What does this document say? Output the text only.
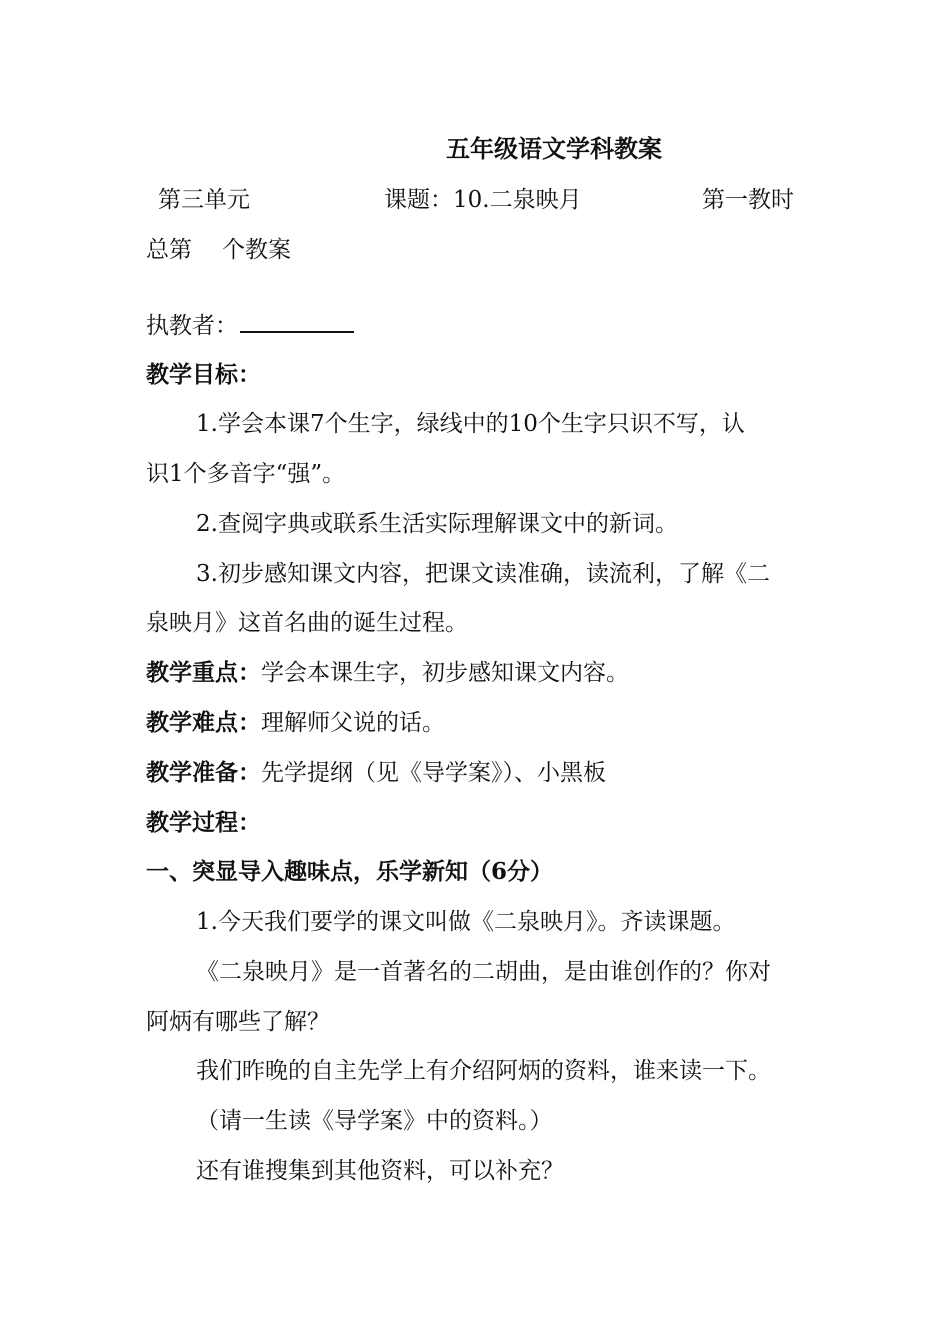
五年级语文学科教案
第三单元	课题：10.二泉映月	第一教时
总第 个教案
执教者：
教学目标：
1.学会本课7个生字，绿线中的10个生字只识不写，认
识1个多音字“强”。
2.查阅字典或联系生活实际理解课文中的新词。
3.初步感知课文内容，把课文读准确，读流利，了解《二
泉映月》这首名曲的诞生过程。
教学重点：学会本课生字，初步感知课文内容。
教学难点：理解师父说的话。
教学准备：先学提纲（见《导学案》）、小黑板
教学过程：
一、突显导入趣味点，乐学新知（6分）
1.今天我们要学的课文叫做《二泉映月》。齐读课题。
《二泉映月》是一首著名的二胡曲，是由谁创作的？你对
阿炳有哪些了解？
我们昨晚的自主先学上有介绍阿炳的资料，谁来读一下。
（请一生读《导学案》中的资料。）
还有谁搜集到其他资料，可以补充？
